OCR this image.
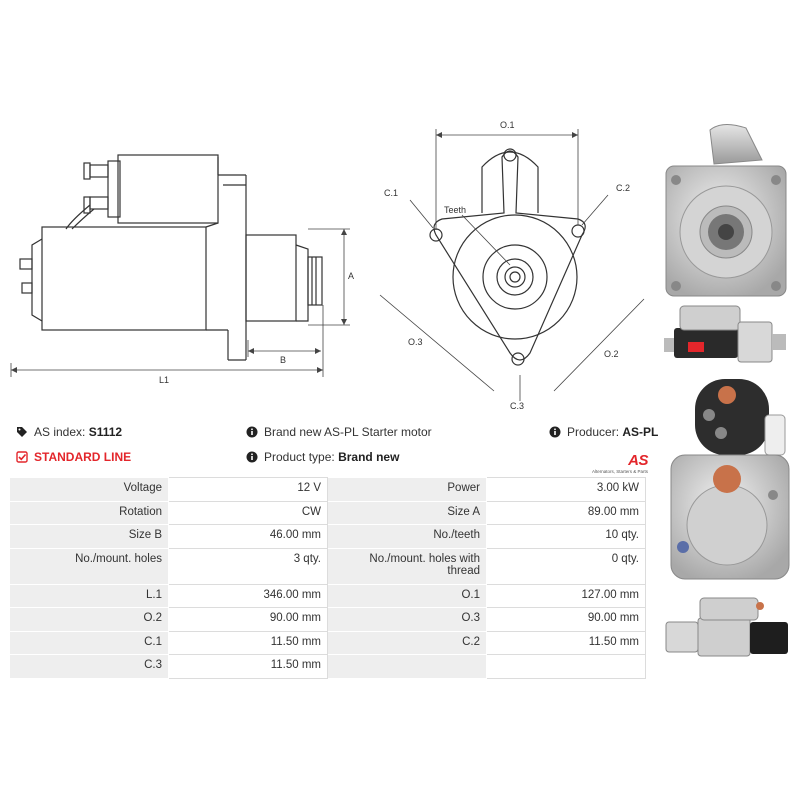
L1
B
A
O.1
C.1	C.2
Teeth
O.3
O.2
C.3
AS index:
S1112
STANDARD LINE
Brand new AS-PL Starter motor
Product type:
Brand new
Producer:
AS-PL
AS
Alternators, Starters & Parts
Voltage	12 V	Power	3.00 kW
Rotation	CW	Size A	89.00 mm
Size B	46.00 mm	No./teeth	10 qty.
No./mount. holes	3 qty.	No./mount. holes with thread	0 qty.
L.1	346.00 mm	O.1	127.00 mm
O.2	90.00 mm	O.3	90.00 mm
C.1	11.50 mm	C.2	11.50 mm
C.3	11.50 mm		
